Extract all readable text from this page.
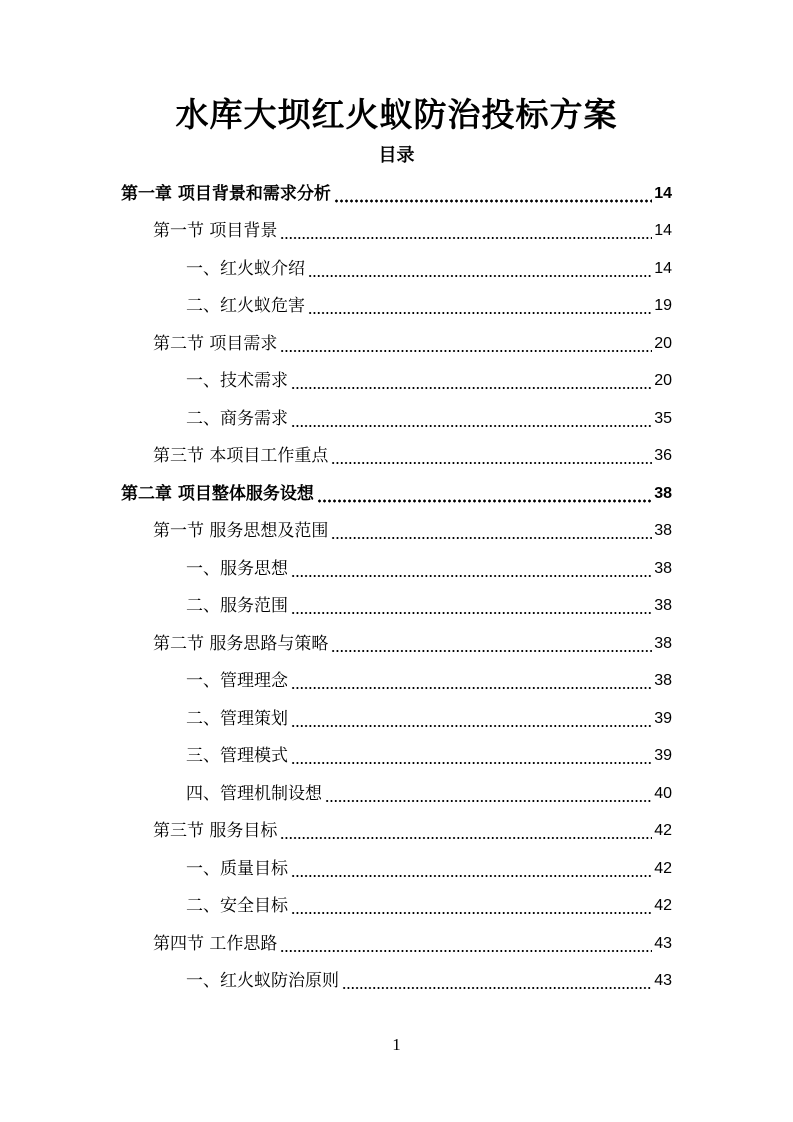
水库大坝红火蚁防治投标方案
目录
第一章 项目背景和需求分析	14
第一节 项目背景	14
一、红火蚁介绍	14
二、红火蚁危害	19
第二节 项目需求	20
一、技术需求	20
二、商务需求	35
第三节 本项目工作重点	36
第二章 项目整体服务设想	38
第一节 服务思想及范围	38
一、服务思想	38
二、服务范围	38
第二节 服务思路与策略	38
一、管理理念	38
二、管理策划	39
三、管理模式	39
四、管理机制设想	40
第三节 服务目标	42
一、质量目标	42
二、安全目标	42
第四节 工作思路	43
一、红火蚁防治原则	43
1
